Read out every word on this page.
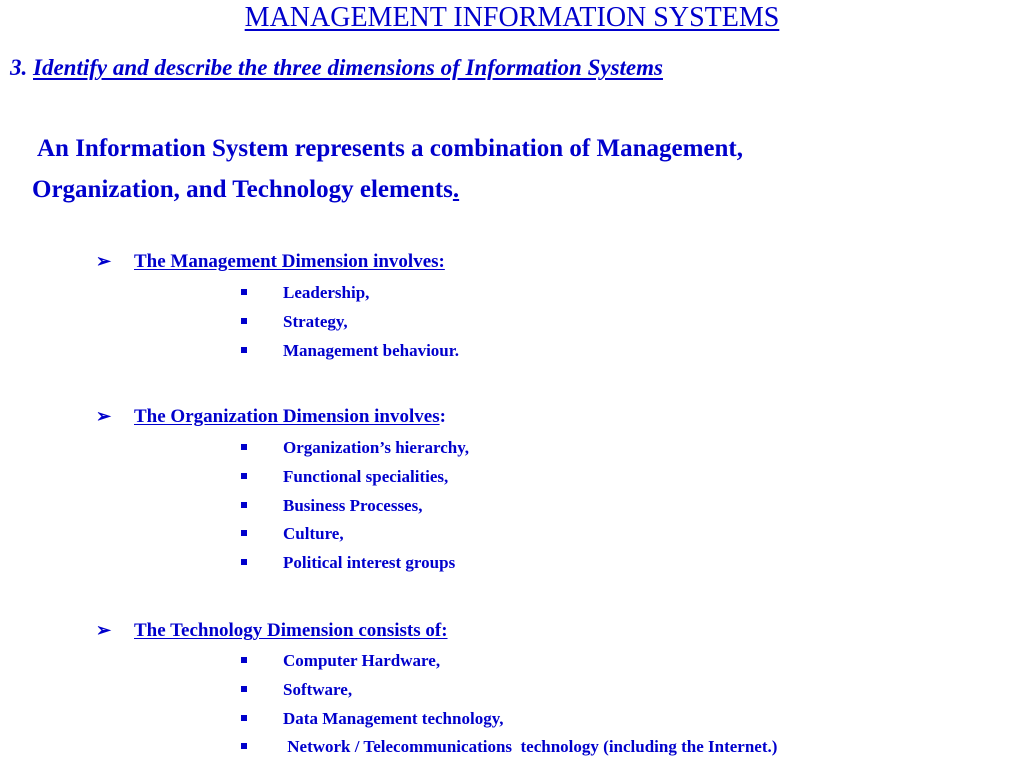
MANAGEMENT INFORMATION SYSTEMS
3. Identify and describe the three dimensions of Information Systems
An Information System represents a combination of Management,
Organization, and Technology elements.
➢ The Management Dimension involves:
Leadership,
Strategy,
Management behaviour.
➢ The Organization Dimension involves:
Organization’s hierarchy,
Functional specialities,
Business Processes,
Culture,
Political interest groups
➢ The Technology Dimension consists of:
Computer Hardware,
Software,
Data Management technology,
Network / Telecommunications  technology (including the Internet.)
